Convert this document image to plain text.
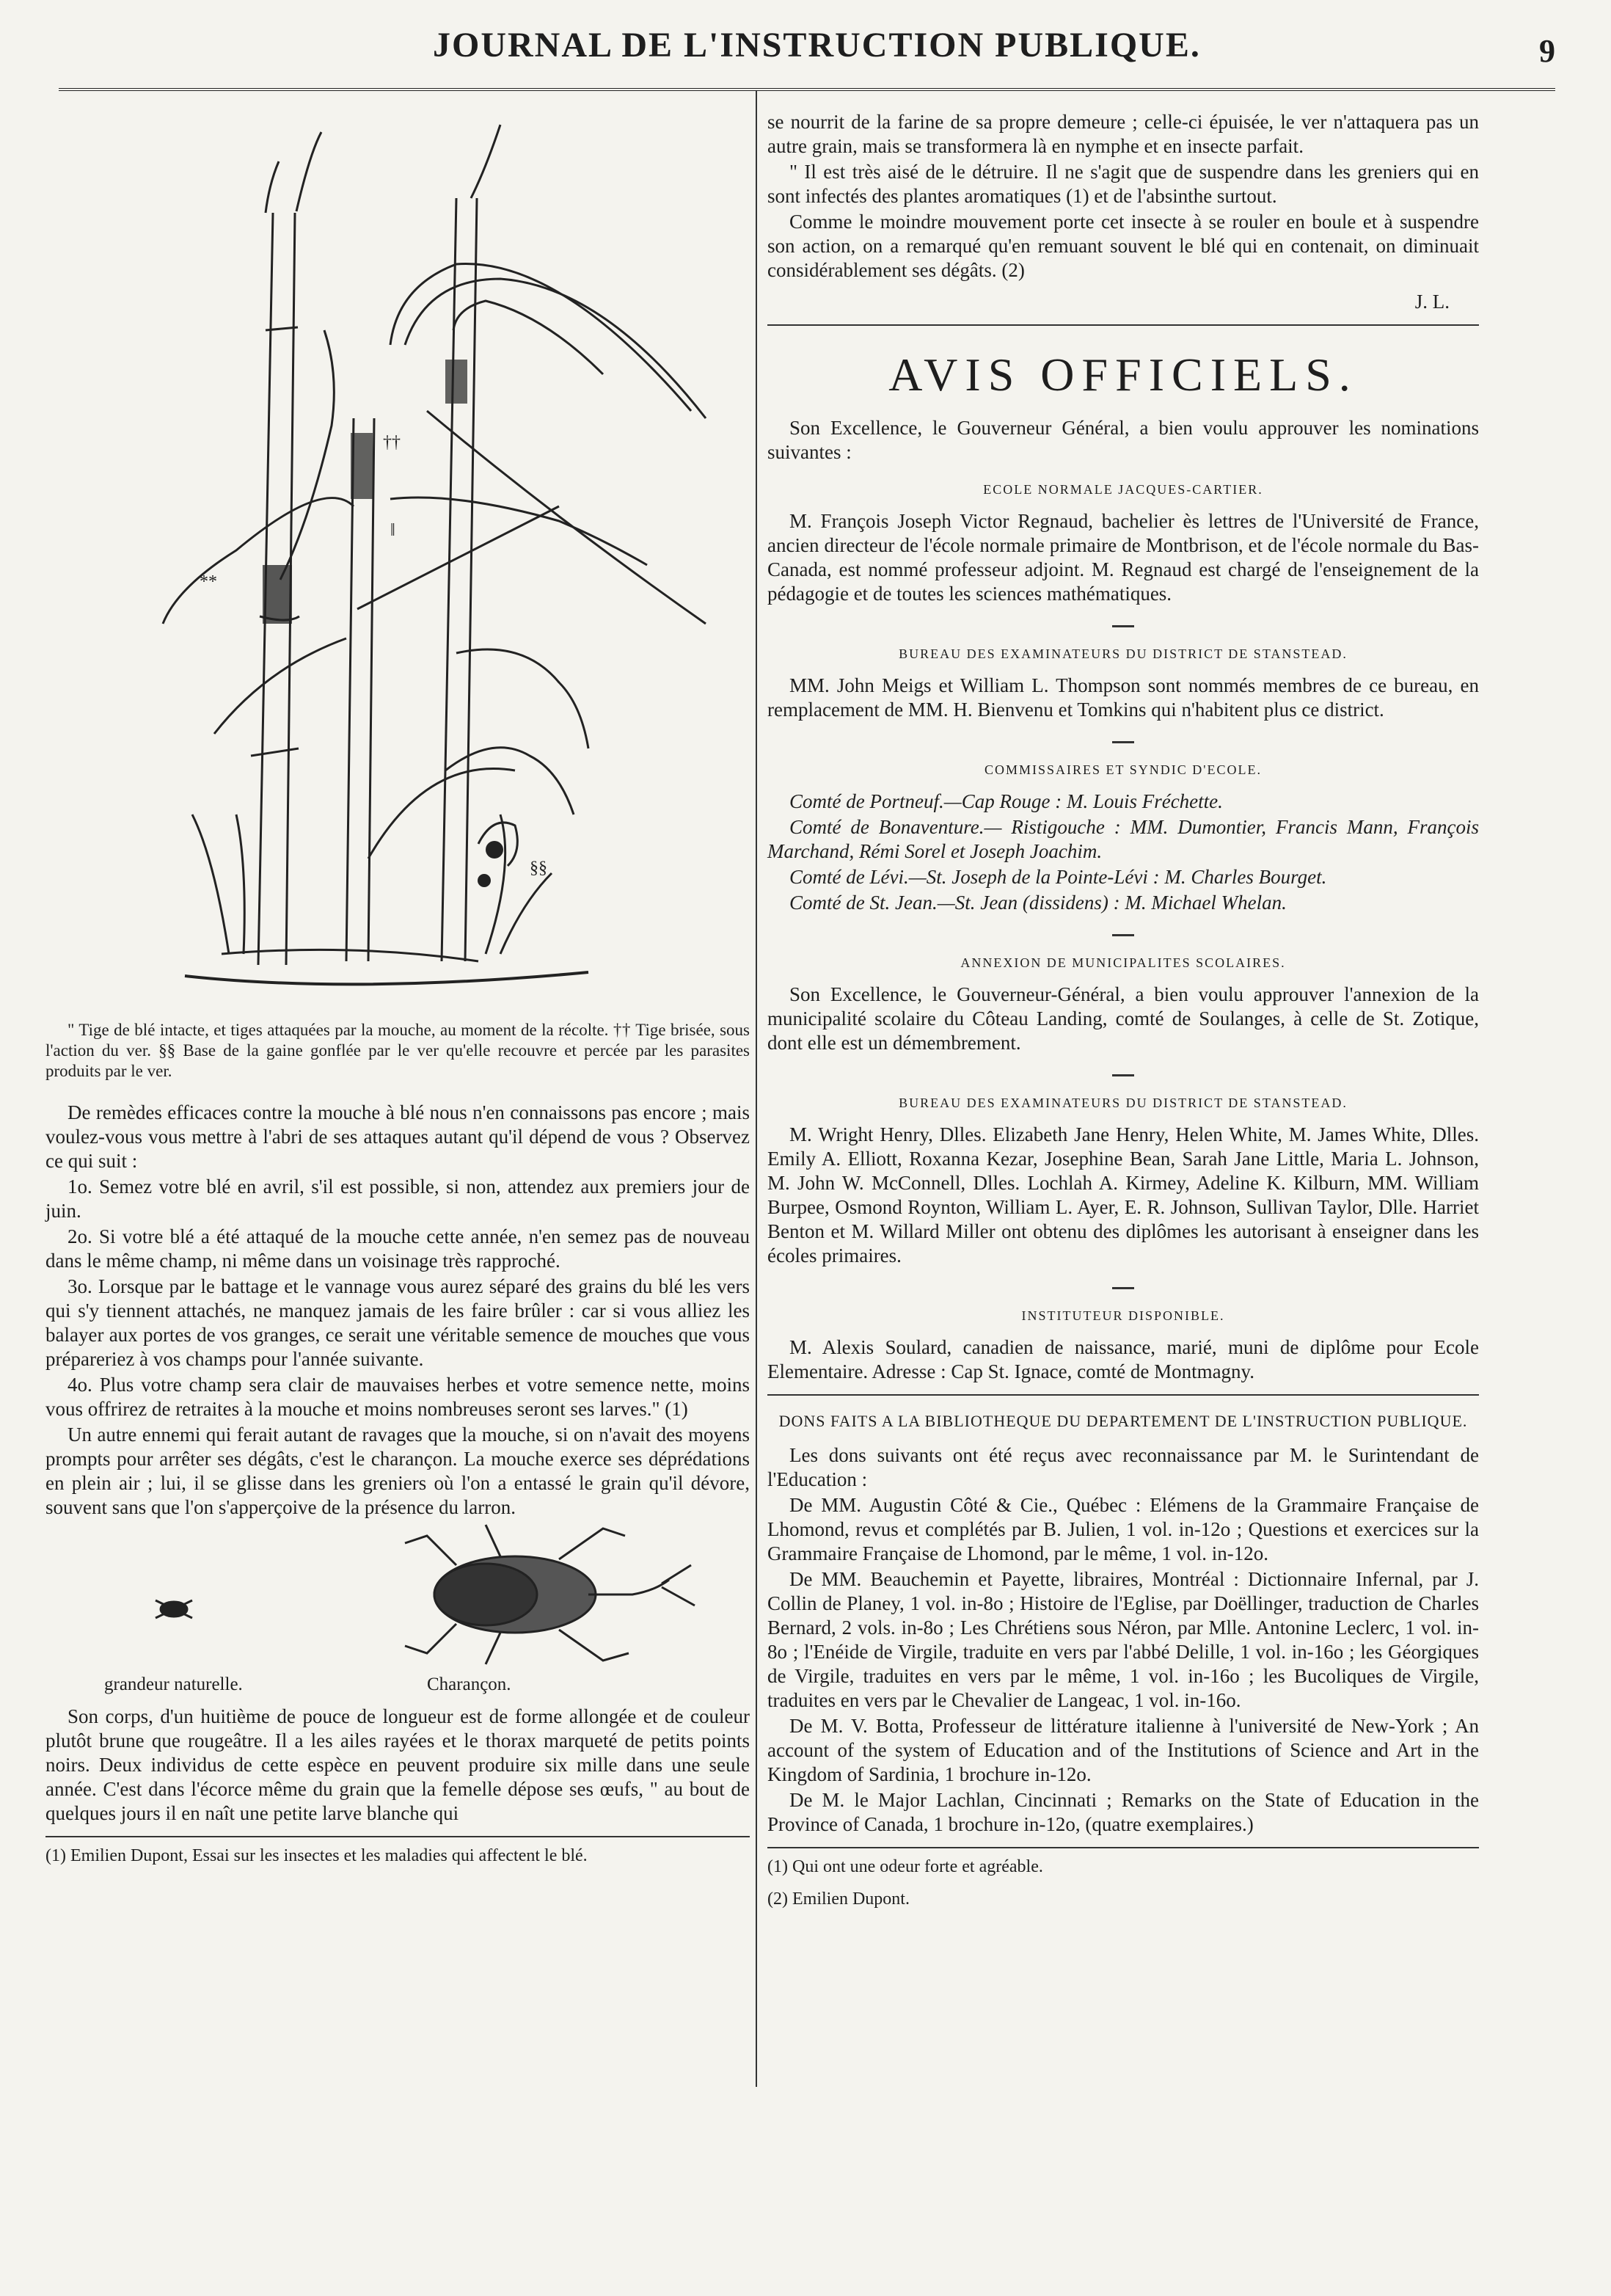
JOURNAL DE L'INSTRUCTION PUBLIQUE.	9
††
‖
**
§§

" Tige de blé intacte, et tiges attaquées par la mouche, au moment de la récolte. †† Tige brisée, sous l'action du ver. §§ Base de la gaine gonflée par le ver qu'elle recouvre et percée par les parasites produits par le ver.

De remèdes efficaces contre la mouche à blé nous n'en connaissons pas encore ; mais voulez-vous vous mettre à l'abri de ses attaques autant qu'il dépend de vous ? Observez ce qui suit :

1o. Semez votre blé en avril, s'il est possible, si non, attendez aux premiers jour de juin.

2o. Si votre blé a été attaqué de la mouche cette année, n'en semez pas de nouveau dans le même champ, ni même dans un voisinage très rapproché.

3o. Lorsque par le battage et le vannage vous aurez séparé des grains du blé les vers qui s'y tiennent attachés, ne manquez jamais de les faire brûler : car si vous alliez les balayer aux portes de vos granges, ce serait une véritable semence de mouches que vous prépareriez à vos champs pour l'année suivante.

4o. Plus votre champ sera clair de mauvaises herbes et votre semence nette, moins vous offrirez de retraites à la mouche et moins nombreuses seront ses larves." (1)

Un autre ennemi qui ferait autant de ravages que la mouche, si on n'avait des moyens prompts pour arrêter ses dégâts, c'est le charançon. La mouche exerce ses déprédations en plein air ; lui, il se glisse dans les greniers où l'on a entassé le grain qu'il dévore, souvent sans que l'on s'apperçoive de la présence du larron.

grandeur naturelle.	Charançon.

Son corps, d'un huitième de pouce de longueur est de forme allongée et de couleur plutôt brune que rougeâtre. Il a les ailes rayées et le thorax marqueté de petits points noirs. Deux individus de cette espèce en peuvent produire six mille dans une seule année. C'est dans l'écorce même du grain que la femelle dépose ses œufs, " au bout de quelques jours il en naît une petite larve blanche qui

(1) Emilien Dupont, Essai sur les insectes et les maladies qui affectent le blé.

se nourrit de la farine de sa propre demeure ; celle-ci épuisée, le ver n'attaquera pas un autre grain, mais se transformera là en nymphe et en insecte parfait.

" Il est très aisé de le détruire. Il ne s'agit que de suspendre dans les greniers qui en sont infectés des plantes aromatiques (1) et de l'absinthe surtout.

Comme le moindre mouvement porte cet insecte à se rouler en boule et à suspendre son action, on a remarqué qu'en remuant souvent le blé qui en contenait, on diminuait considérablement ses dégâts. (2)

J. L.

AVIS OFFICIELS.

Son Excellence, le Gouverneur Général, a bien voulu approuver les nominations suivantes :

ECOLE NORMALE JACQUES-CARTIER.

M. François Joseph Victor Regnaud, bachelier ès lettres de l'Université de France, ancien directeur de l'école normale primaire de Montbrison, et de l'école normale du Bas-Canada, est nommé professeur adjoint. M. Regnaud est chargé de l'enseignement de la pédagogie et de toutes les sciences mathématiques.

BUREAU DES EXAMINATEURS DU DISTRICT DE STANSTEAD.

MM. John Meigs et William L. Thompson sont nommés membres de ce bureau, en remplacement de MM. H. Bienvenu et Tomkins qui n'habitent plus ce district.

COMMISSAIRES ET SYNDIC D'ECOLE.

Comté de Portneuf.—Cap Rouge : M. Louis Fréchette.

Comté de Bonaventure.— Ristigouche : MM. Dumontier, Francis Mann, François Marchand, Rémi Sorel et Joseph Joachim.

Comté de Lévi.—St. Joseph de la Pointe-Lévi : M. Charles Bourget.

Comté de St. Jean.—St. Jean (dissidens) : M. Michael Whelan.

ANNEXION DE MUNICIPALITES SCOLAIRES.

Son Excellence, le Gouverneur-Général, a bien voulu approuver l'annexion de la municipalité scolaire du Côteau Landing, comté de Soulanges, à celle de St. Zotique, dont elle est un démembrement.

BUREAU DES EXAMINATEURS DU DISTRICT DE STANSTEAD.

M. Wright Henry, Dlles. Elizabeth Jane Henry, Helen White, M. James White, Dlles. Emily A. Elliott, Roxanna Kezar, Josephine Bean, Sarah Jane Little, Maria L. Johnson, M. John W. McConnell, Dlles. Lochlah A. Kirmey, Adeline K. Kilburn, MM. William Burpee, Osmond Roynton, William L. Ayer, E. R. Johnson, Sullivan Taylor, Dlle. Harriet Benton et M. Willard Miller ont obtenu des diplômes les autorisant à enseigner dans les écoles primaires.

INSTITUTEUR DISPONIBLE.

M. Alexis Soulard, canadien de naissance, marié, muni de diplôme pour Ecole Elementaire. Adresse : Cap St. Ignace, comté de Montmagny.

DONS FAITS A LA BIBLIOTHEQUE DU DEPARTEMENT DE L'INSTRUCTION PUBLIQUE.

Les dons suivants ont été reçus avec reconnaissance par M. le Surintendant de l'Education :

De MM. Augustin Côté & Cie., Québec : Elémens de la Grammaire Française de Lhomond, revus et complétés par B. Julien, 1 vol. in-12o ; Questions et exercices sur la Grammaire Française de Lhomond, par le même, 1 vol. in-12o.

De MM. Beauchemin et Payette, libraires, Montréal : Dictionnaire Infernal, par J. Collin de Planey, 1 vol. in-8o ; Histoire de l'Eglise, par Doëllinger, traduction de Charles Bernard, 2 vols. in-8o ; Les Chrétiens sous Néron, par Mlle. Antonine Leclerc, 1 vol. in-8o ; l'Enéide de Virgile, traduite en vers par l'abbé Delille, 1 vol. in-16o ; les Géorgiques de Virgile, traduites en vers par le même, 1 vol. in-16o ; les Bucoliques de Virgile, traduites en vers par le Chevalier de Langeac, 1 vol. in-16o.

De M. V. Botta, Professeur de littérature italienne à l'université de New-York ; An account of the system of Education and of the Institutions of Science and Art in the Kingdom of Sardinia, 1 brochure in-12o.

De M. le Major Lachlan, Cincinnati ; Remarks on the State of Education in the Province of Canada, 1 brochure in-12o, (quatre exemplaires.)

(1) Qui ont une odeur forte et agréable.

(2) Emilien Dupont.
